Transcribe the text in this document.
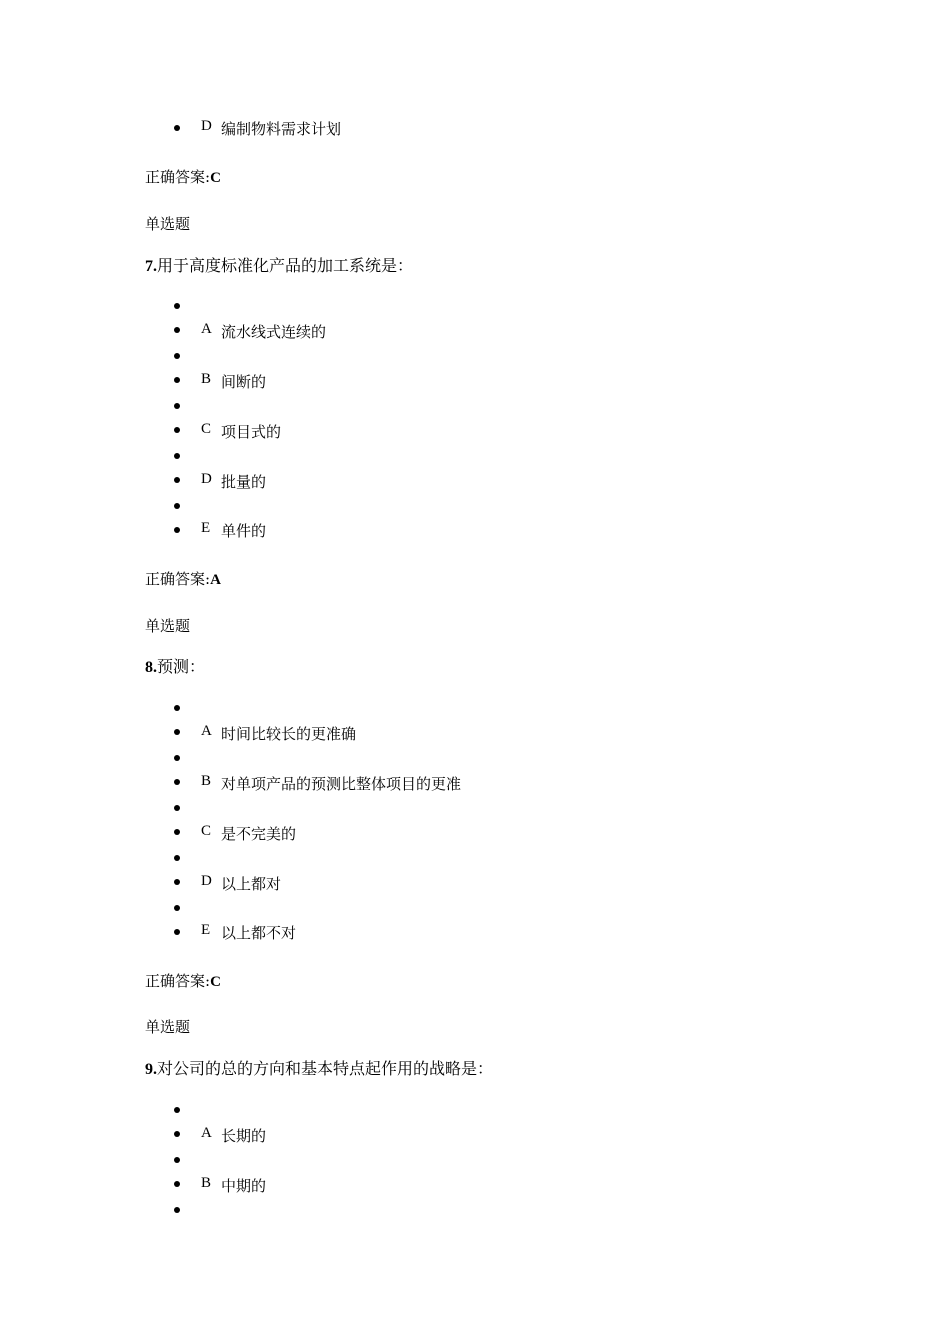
D 编制物料需求计划
正确答案:C
单选题
7.用于高度标准化产品的加工系统是：
A 流水线式连续的
B 间断的
C 项目式的
D 批量的
E 单件的
正确答案:A
单选题
8.预测：
A 时间比较长的更准确
B 对单项产品的预测比整体项目的更准
C 是不完美的
D 以上都对
E 以上都不对
正确答案:C
单选题
9.对公司的总的方向和基本特点起作用的战略是：
A 长期的
B 中期的
